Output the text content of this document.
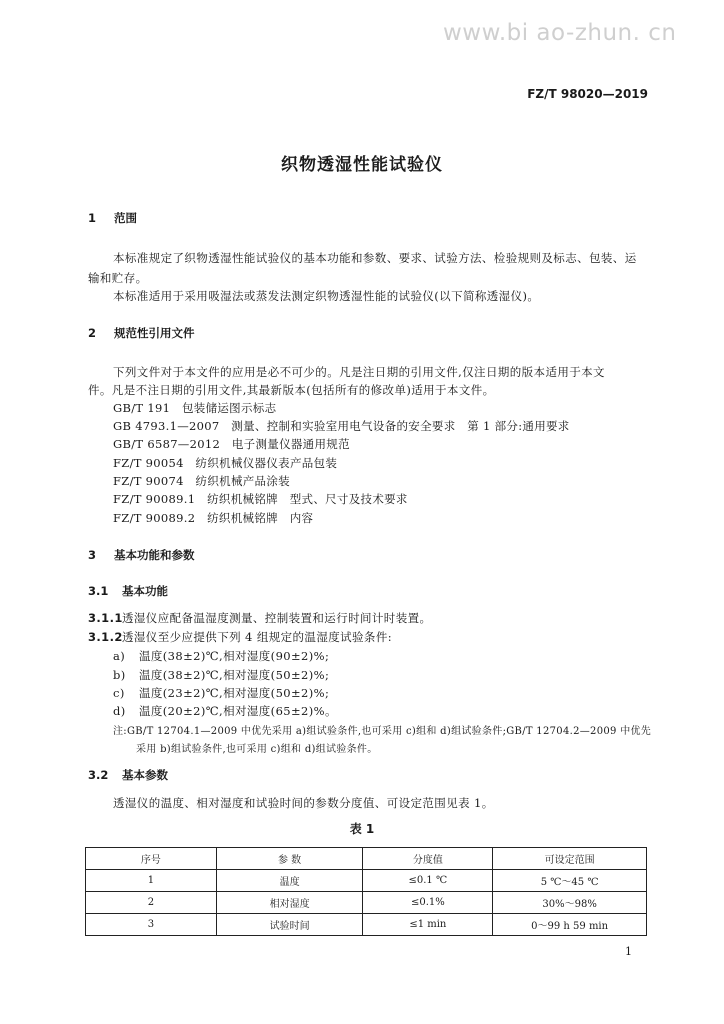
www.bi ao-zhun. cn
FZ/T 98020—2019
织物透湿性能试验仪
1 范围
本标准规定了织物透湿性能试验仪的基本功能和参数、要求、试验方法、检验规则及标志、包装、运
输和贮存。
本标准适用于采用吸湿法或蒸发法测定织物透湿性能的试验仪(以下简称透湿仪)。
2 规范性引用文件
下列文件对于本文件的应用是必不可少的。凡是注日期的引用文件,仅注日期的版本适用于本文
件。凡是不注日期的引用文件,其最新版本(包括所有的修改单)适用于本文件。
GB/T 191　包装储运图示标志
GB 4793.1—2007　测量、控制和实验室用电气设备的安全要求　第 1 部分:通用要求
GB/T 6587—2012　电子测量仪器通用规范
FZ/T 90054　纺织机械仪器仪表产品包装
FZ/T 90074　纺织机械产品涂装
FZ/T 90089.1　纺织机械铭牌　型式、尺寸及技术要求
FZ/T 90089.2　纺织机械铭牌　内容
3 基本功能和参数
3.1 基本功能
3.1.1透湿仪应配备温湿度测量、控制装置和运行时间计时装置。
3.1.2透湿仪至少应提供下列 4 组规定的温湿度试验条件:
a) 温度(38±2)℃,相对湿度(90±2)%;
b) 温度(38±2)℃,相对湿度(50±2)%;
c) 温度(23±2)℃,相对湿度(50±2)%;
d) 温度(20±2)℃,相对湿度(65±2)%。
注:GB/T 12704.1—2009 中优先采用 a)组试验条件,也可采用 c)组和 d)组试验条件;GB/T 12704.2—2009 中优先
采用 b)组试验条件,也可采用 c)组和 d)组试验条件。
3.2 基本参数
透湿仪的温度、相对湿度和试验时间的参数分度值、可设定范围见表 1。
表 1
序号	参 数	分度值	可设定范围
1	温度	≤0.1 ℃	5 ℃～45 ℃
2	相对湿度	≤0.1%	30%～98%
3	试验时间	≤1 min	0～99 h 59 min
1
